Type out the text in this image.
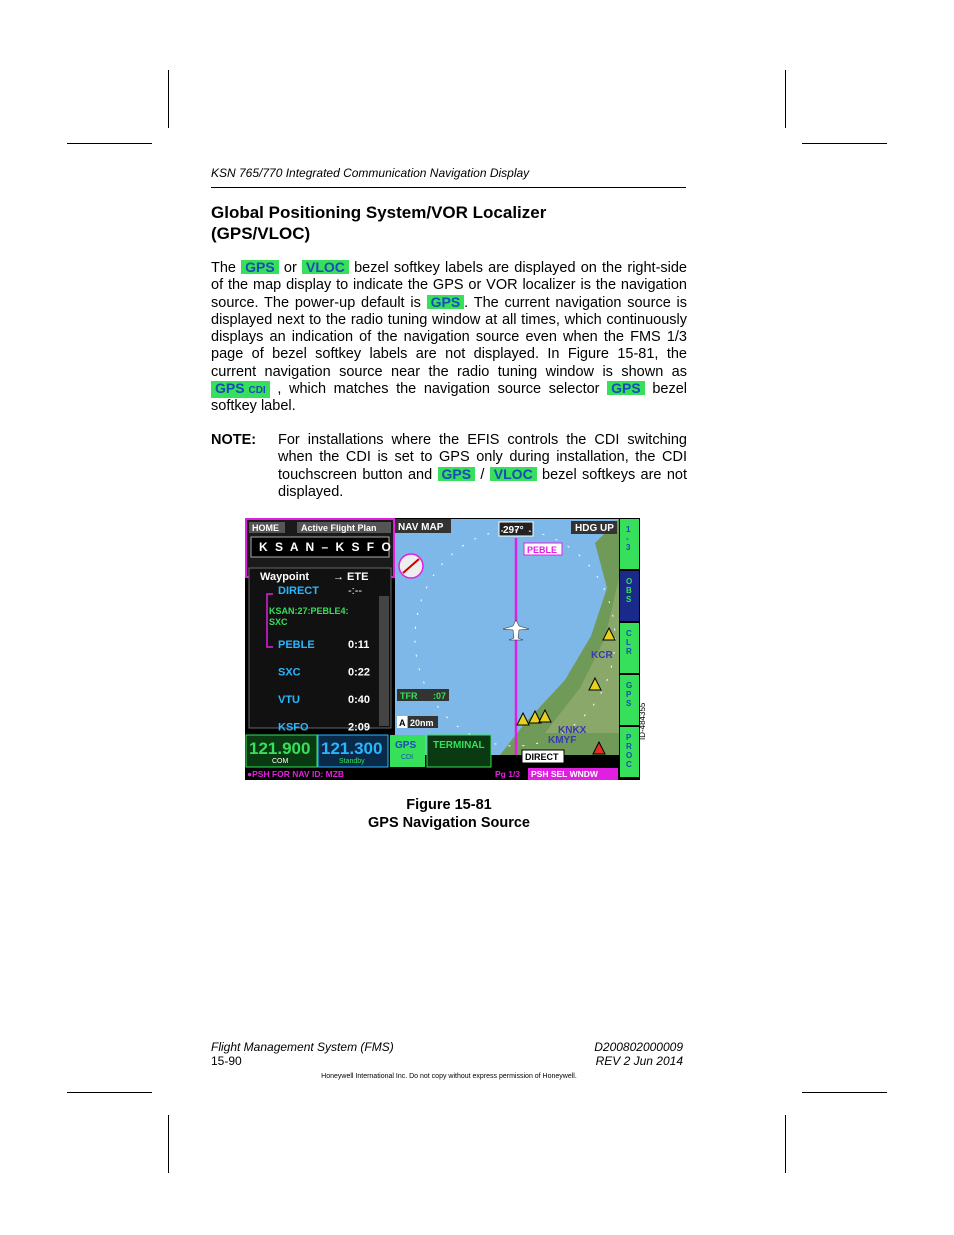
KSN 765/770 Integrated Communication Navigation Display
Global Positioning System/VOR Localizer
(GPS/VLOC)

The GPS or VLOC bezel softkey labels are displayed on the right-side of the map display to indicate the GPS or VOR localizer is the navigation source. The power-up default is GPS . The current navigation source is displayed next to the radio tuning window at all times, which continuously displays an indication of the navigation source even when the FMS 1/3 page of bezel softkey labels are not displayed. In Figure 15-81, the current navigation source near the radio tuning window is shown as GPS CDI , which matches the navigation source selector GPS bezel softkey label.

NOTE: For installations where the EFIS controls the CDI switching when the CDI is set to GPS only during installation, the CDI touchscreen button and GPS / VLOC bezel softkeys are not displayed.

HOME Active Flight Plan
K S A N – K S F O
Waypoint → ETE
DIRECT	-:--
KSAN:27:PEBLE4:
SXC
PEBLE	0:11
SXC	0:22
VTU	0:40
KSFO	2:09
NAV MAP	297°	HDG UP
PEBLE
TFR :07
A 20nm
KCR
KNKX
KMYF
DIRECT
121.900
COM
121.300
Standby
GPS
CDI
TERMINAL
●PSH FOR NAV ID: MZB	Pg 1/3 PSH SEL WNDW
1
-
3
O
B
S
C
L
R
G
P
S
P
R
O
C
ID-484355
Figure 15-81
GPS Navigation Source
Flight Management System (FMS)
15-90
D200802000009
REV 2 Jun 2014
Honeywell International Inc. Do not copy without express permission of Honeywell.
